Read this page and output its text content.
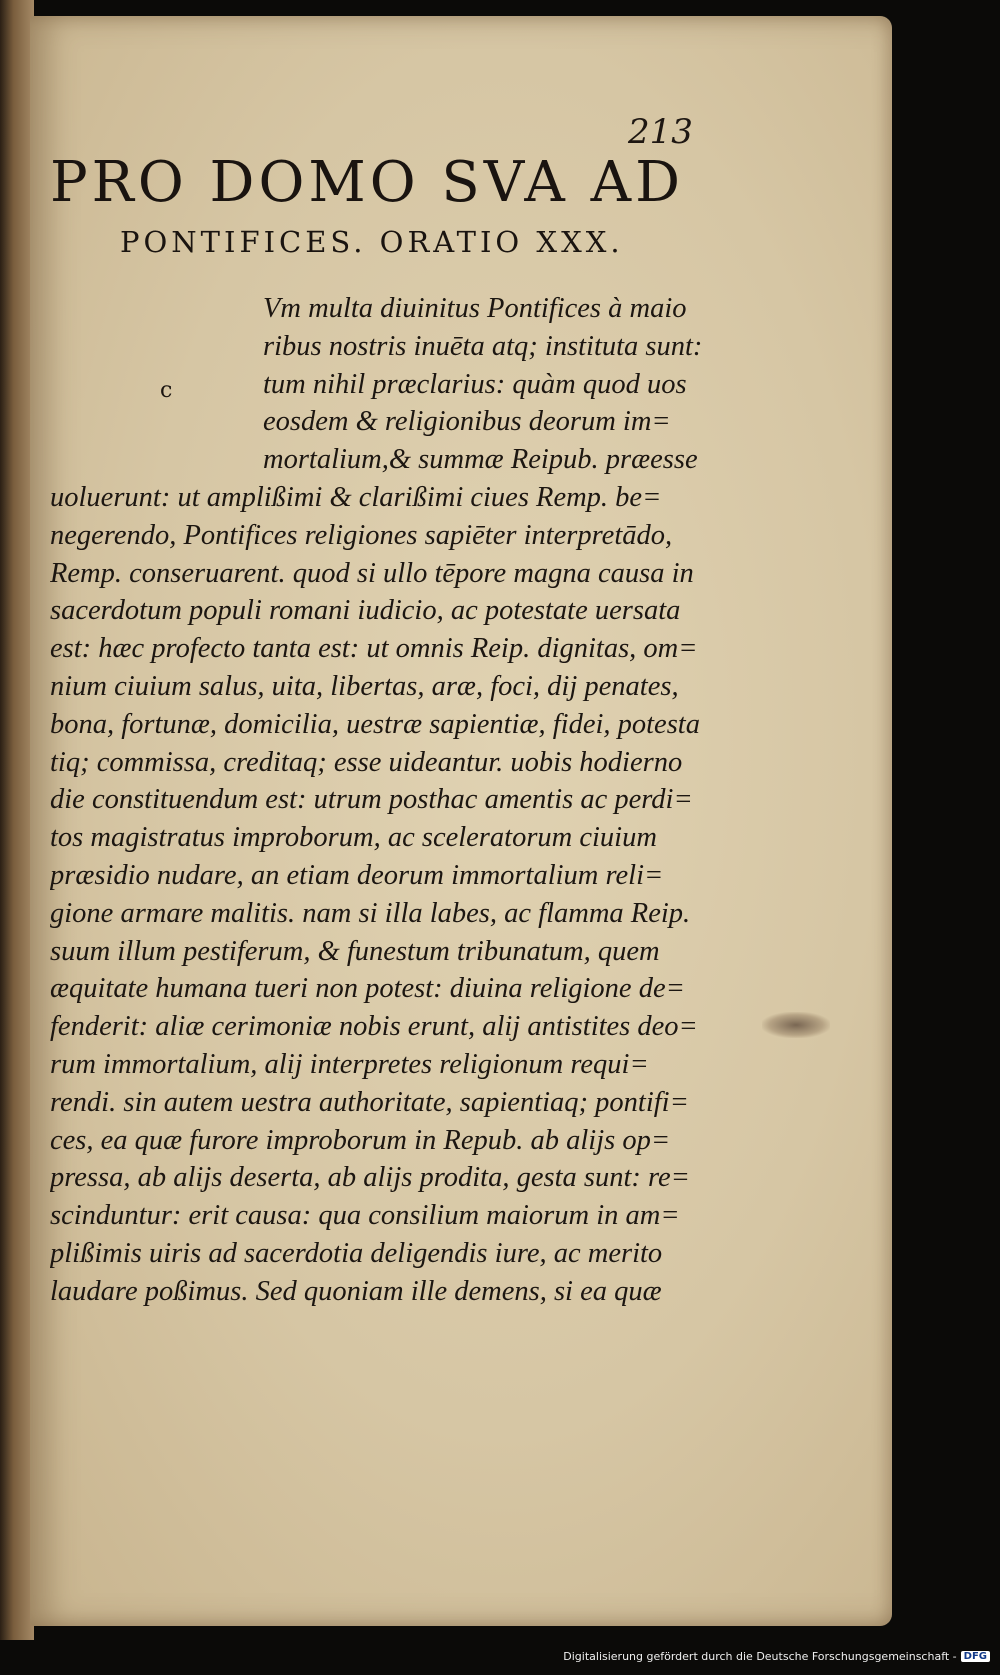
213
PRO DOMO SVA AD
PONTIFICES. ORATIO XXX.
c
Vm multa diuinitus Pontifices à maio
ribus nostris inuēta atq; instituta sunt:
tum nihil præclarius: quàm quod uos
eosdem & religionibus deorum im=
mortalium,& summæ Reipub. præesse
uoluerunt: ut amplißimi & clarißimi ciues Remp. be=
negerendo, Pontifices religiones sapiēter interpretādo,
Remp. conseruarent. quod si ullo tēpore magna causa in
sacerdotum populi romani iudicio, ac potestate uersata
est: hæc profecto tanta est: ut omnis Reip. dignitas, om=
nium ciuium salus, uita, libertas, aræ, foci, dij penates,
bona, fortunæ, domicilia, uestræ sapientiæ, fidei, potesta
tiq; commissa, creditaq; esse uideantur. uobis hodierno
die constituendum est: utrum posthac amentis ac perdi=
tos magistratus improborum, ac sceleratorum ciuium
præsidio nudare, an etiam deorum immortalium reli=
gione armare malitis. nam si illa labes, ac flamma Reip.
suum illum pestiferum, & funestum tribunatum, quem
æquitate humana tueri non potest: diuina religione de=
fenderit: aliæ cerimoniæ nobis erunt, alij antistites deo=
rum immortalium, alij interpretes religionum requi=
rendi. sin autem uestra authoritate, sapientiaq; pontifi=
ces, ea quæ furore improborum in Repub. ab alijs op=
pressa, ab alijs deserta, ab alijs prodita, gesta sunt: re=
scinduntur: erit causa: qua consilium maiorum in am=
plißimis uiris ad sacerdotia deligendis iure, ac merito
laudare poßimus. Sed quoniam ille demens, si ea quæ
Digitalisierung gefördert durch die Deutsche Forschungsgemeinschaft - DFG
